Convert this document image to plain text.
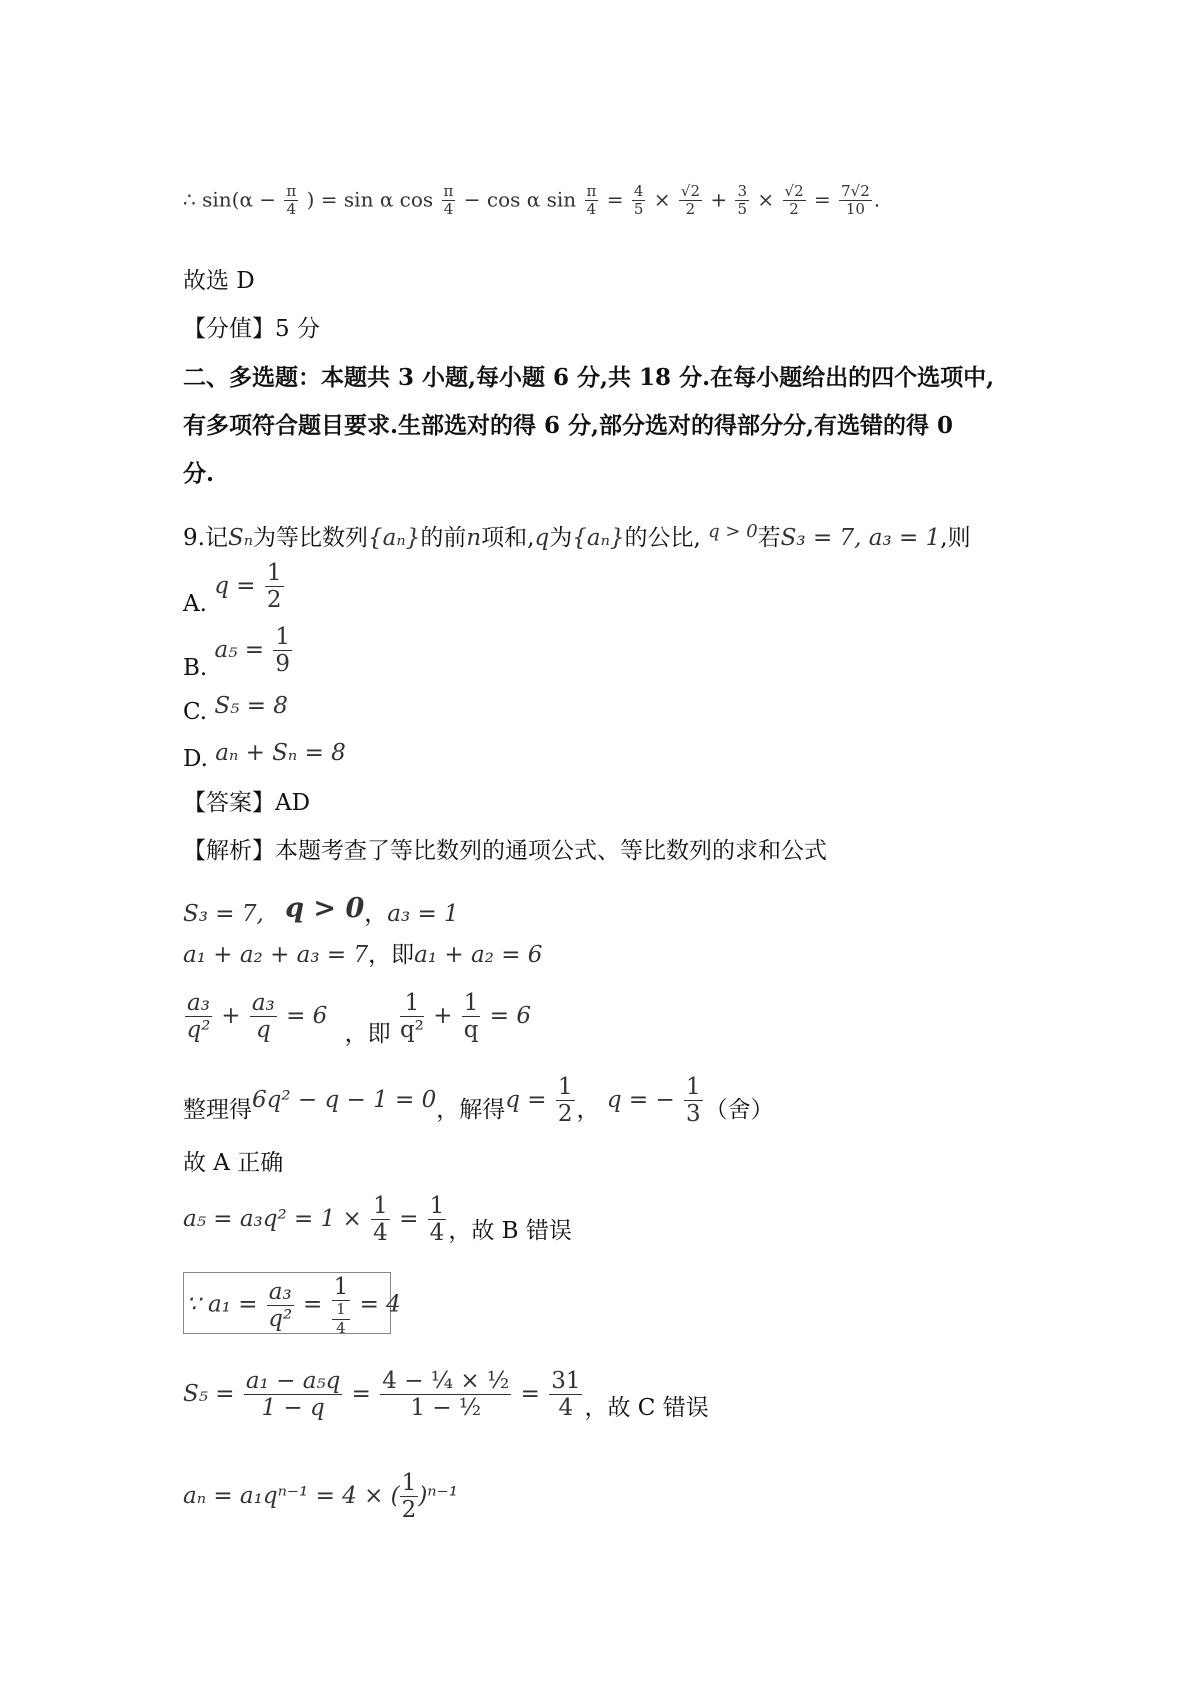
∴ $\sin(\alpha - \frac{\pi}{4}$ ) = sin α $\cos \frac{\pi}{4} - \cos \alpha$ $\sin \frac{\pi}{4} = \frac{4}{5} \times \frac{√2}{2} + \frac{3}{5} \times \frac{√2}{2} = \frac{7√2}{10}$ .
故选 D
【分值】5 分
二、多选题：本题共 3 小题,每小题 6 分,共 18 分.在每小题给出的四个选项中,
有多项符合题目要求.生部选对的得 6 分,部分选对的得部分分,有选错的得 0
分.
9.记Sₙ为等比数列{aₙ}的前n项和,q为{aₙ}的公比, $^{q > 0}$若S₃ = 7, a₃ = 1,则
A. $q = \frac{1}{2}$
B. $a_5 = \frac{1}{9}$
C. S₅ = 8
D. aₙ + Sₙ = 8
【答案】AD
【解析】本题考查了等比数列的通项公式、等比数列的求和公式
S₃ = 7, q > 0，a₃ = 1
a₁ + a₂ + a₃ = 7，即a₁ + a₂ = 6
$\frac{\text{a₃}}{\text{q²}} + \frac{\text{a₃}}{q} = 6$ ，即 $\frac{1}{\text{q²}} + \frac{1}{q} = 6$
整理得6q² − q − 1 = 0，解得$q = \frac{1}{2}$ ， q = − $\frac{1}{3}$ （舍）
故 A 正确
$a_5 = a_3q^2 = 1 \times \frac{1}{4} = \frac{1}{4}$ ，故 B 错误
∵ $a_1 = \frac{\text{a₃}}{\text{q²}} = 1$
1
4 = 4
$S_5 = \frac{\text{a₁ − a₅q}}{1 - q} = \frac{\text{4 − ¼ × ½}}{\text{1 − ½}} = \frac{31}{4}$ ，故 C 错误
aₙ = a₁qⁿ⁻¹ = 4 × ( $\frac{1}{2} )^{n-1}$
